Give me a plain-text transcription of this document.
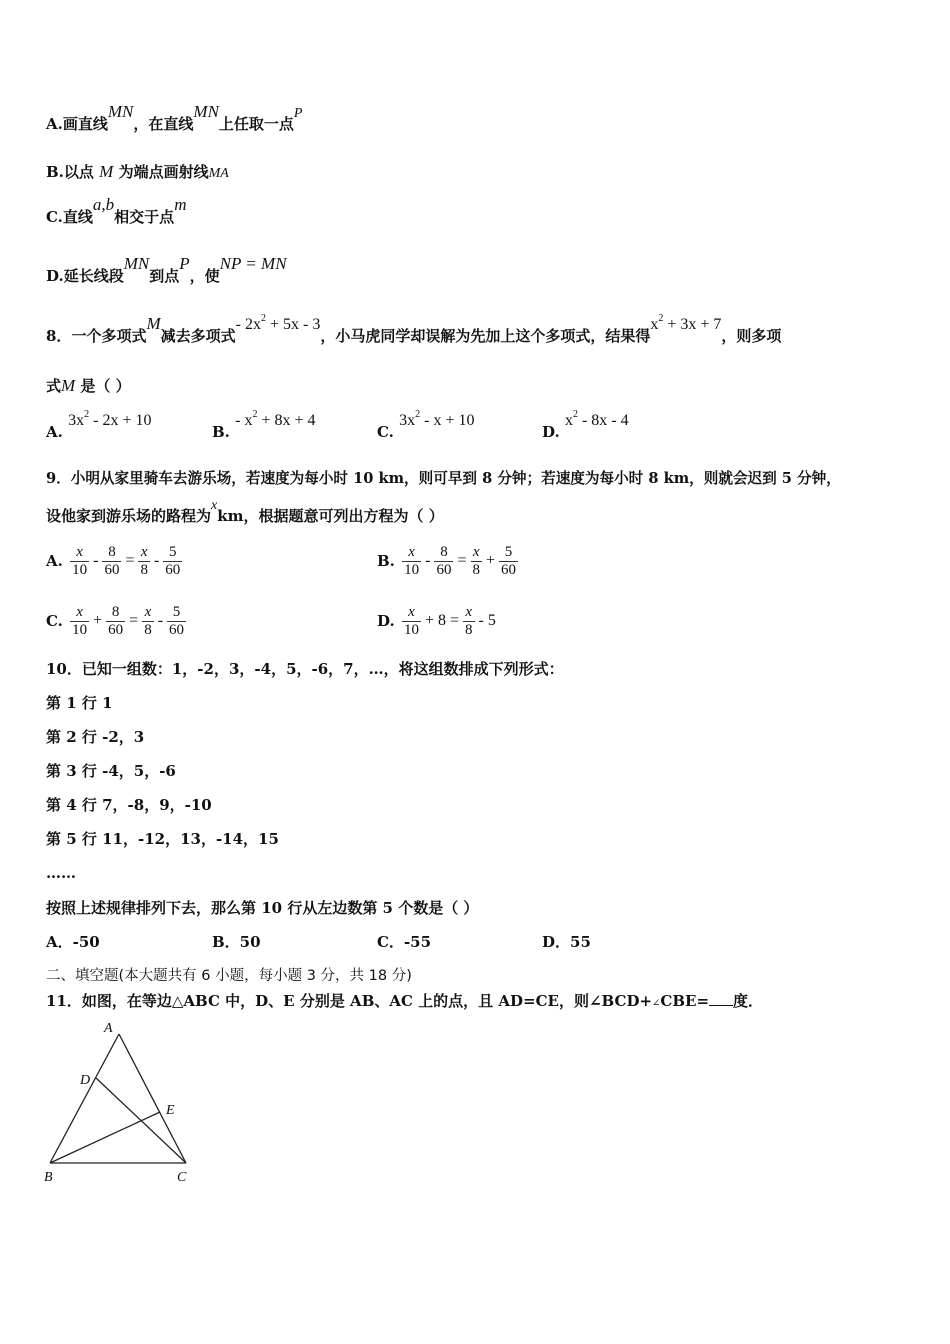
A.画直线MN，在直线MN上任取一点P
B.以点 M 为端点画射线MA
C.直线a,b相交于点m
D.延长线段MN到点P，使NP = MN
8．一个多项式M减去多项式- $2x^2 + 5x - 3$，小马虎同学却误解为先加上这个多项式，结果得$x^2 + 3x + 7$，则多项
式M 是（ ）
A. $3x^2 - 2x + 10$
B. - $x^2 + 8x + 4$
C. $3x^2 - x + 10$
D. $x^2 - 8x - 4$
9．小明从家里骑车去游乐场，若速度为每小时 10 km，则可早到 8 分钟；若速度为每小时 8 km，则就会迟到 5 分钟，
设他家到游乐场的路程为xkm，根据题意可列出方程为（ ）
A. $\frac{x}{10} - \frac{8}{60} = \frac{x}{8} - \frac{5}{60}$	B. $\frac{x}{10} - \frac{8}{60} = \frac{x}{8} + \frac{5}{60}$
C. $\frac{x}{10} + \frac{8}{60} = \frac{x}{8} - \frac{5}{60}$	D. $\frac{x}{10} + 8 = \frac{x}{8} - 5$
10．已知一组数：1，-2，3，-4，5，-6，7，…，将这组数排成下列形式：
第 1 行 1
第 2 行 -2，3
第 3 行 -4，5，-6
第 4 行 7，-8，9，-10
第 5 行 11，-12，13，-14，15
……
按照上述规律排列下去，那么第 10 行从左边数第 5 个数是（ ）
A．-50	B．50	C．-55	D．55
二、填空题(本大题共有 6 小题，每小题 3 分，共 18 分)
11．如图，在等边△ABC 中，D、E 分别是 AB、AC 上的点，且 AD=CE，则∠BCD+∠CBE= 度．
A
D
E
B	C
